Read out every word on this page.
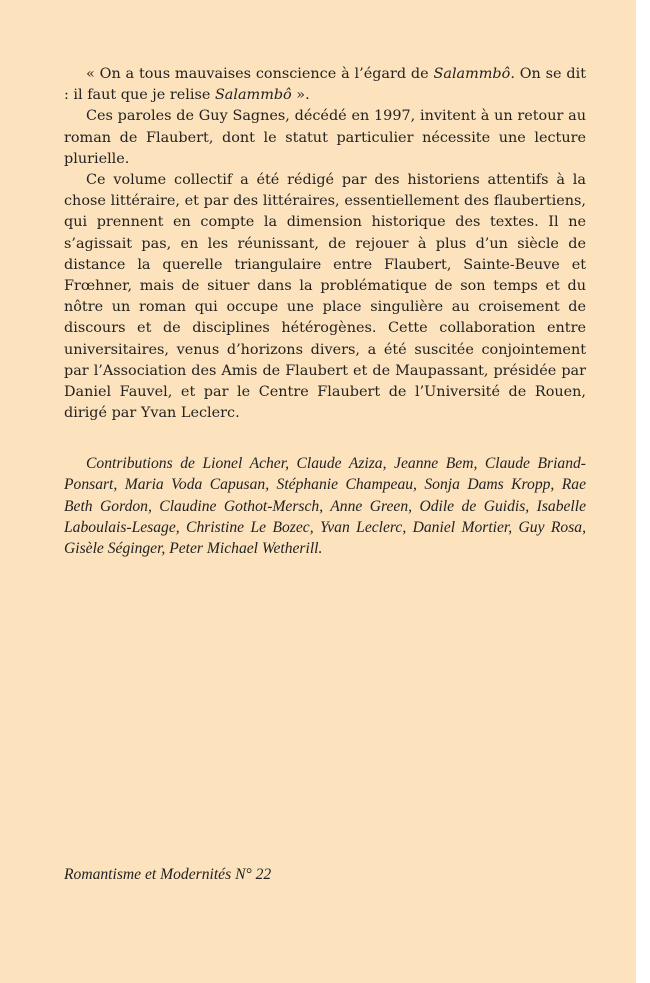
« On a tous mauvaises conscience à l’égard de Salammbô. On se dit : il faut que je relise Salammbô ».

Ces paroles de Guy Sagnes, décédé en 1997, invitent à un retour au roman de Flaubert, dont le statut particulier nécessite une lecture plurielle.

Ce volume collectif a été rédigé par des historiens attentifs à la chose littéraire, et par des littéraires, essentiellement des flaubertiens, qui prennent en compte la dimension historique des textes. Il ne s’agissait pas, en les réunissant, de rejouer à plus d’un siècle de distance la querelle triangulaire entre Flaubert, Sainte-Beuve et Frœhner, mais de situer dans la problématique de son temps et du nôtre un roman qui occupe une place singulière au croisement de discours et de disciplines hétérogènes. Cette collaboration entre universitaires, venus d’horizons divers, a été suscitée conjointement par l’Association des Amis de Flaubert et de Maupassant, présidée par Daniel Fauvel, et par le Centre Flaubert de l’Université de Rouen, dirigé par Yvan Leclerc.

Contributions de Lionel Acher, Claude Aziza, Jeanne Bem, Claude Briand-Ponsart, Maria Voda Capusan, Stéphanie Champeau, Sonja Dams Kropp, Rae Beth Gordon, Claudine Gothot-Mersch, Anne Green, Odile de Guidis, Isabelle Laboulais-Lesage, Christine Le Bozec, Yvan Leclerc, Daniel Mortier, Guy Rosa, Gisèle Séginger, Peter Michael Wetherill.

Romantisme et Modernités N° 22
